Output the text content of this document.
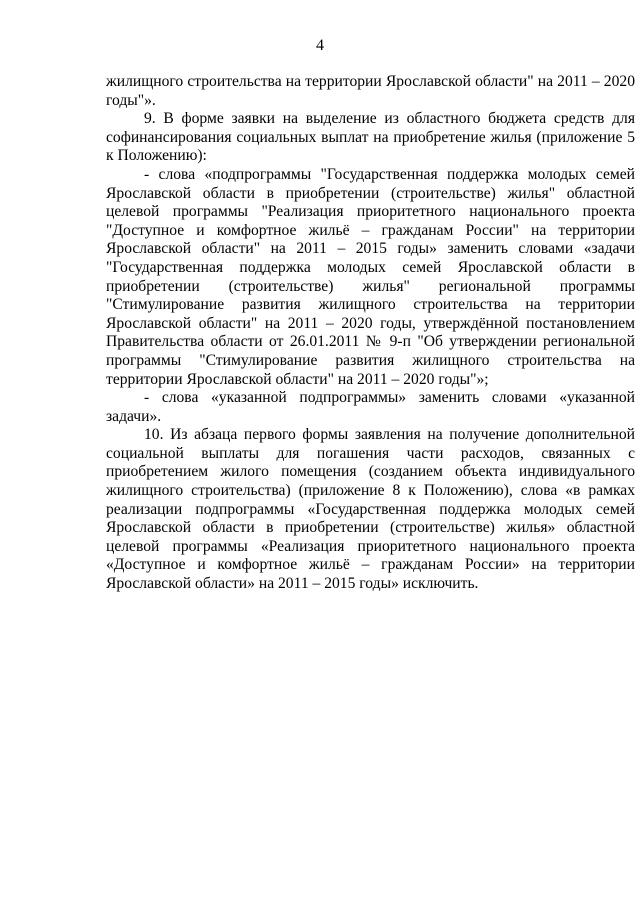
4

жилищного строительства на территории Ярославской области" на 2011 – 2020 годы"».

9. В форме заявки на выделение из областного бюджета средств для софинансирования социальных выплат на приобретение жилья (приложение 5 к Положению):

- слова «подпрограммы "Государственная поддержка молодых семей Ярославской области в приобретении (строительстве) жилья" областной целевой программы "Реализация приоритетного национального проекта "Доступное и комфортное жильё – гражданам России" на территории Ярославской области" на 2011 – 2015 годы» заменить словами «задачи "Государственная поддержка молодых семей Ярославской области в приобретении (строительстве) жилья" региональной программы "Стимулирование развития жилищного строительства на территории Ярославской области" на 2011 – 2020 годы, утверждённой постановлением Правительства области от 26.01.2011 № 9-п "Об утверждении региональной программы "Стимулирование развития жилищного строительства на территории Ярославской области" на 2011 – 2020 годы"»;

- слова «указанной подпрограммы» заменить словами «указанной задачи».

10. Из абзаца первого формы заявления на получение дополнительной социальной выплаты для погашения части расходов, связанных с приобретением жилого помещения (созданием объекта индивидуального жилищного строительства) (приложение 8 к Положению), слова «в рамках реализации подпрограммы «Государственная поддержка молодых семей Ярославской области в приобретении (строительстве) жилья» областной целевой программы «Реализация приоритетного национального проекта «Доступное и комфортное жильё – гражданам России» на территории Ярославской области» на 2011 – 2015 годы» исключить.
